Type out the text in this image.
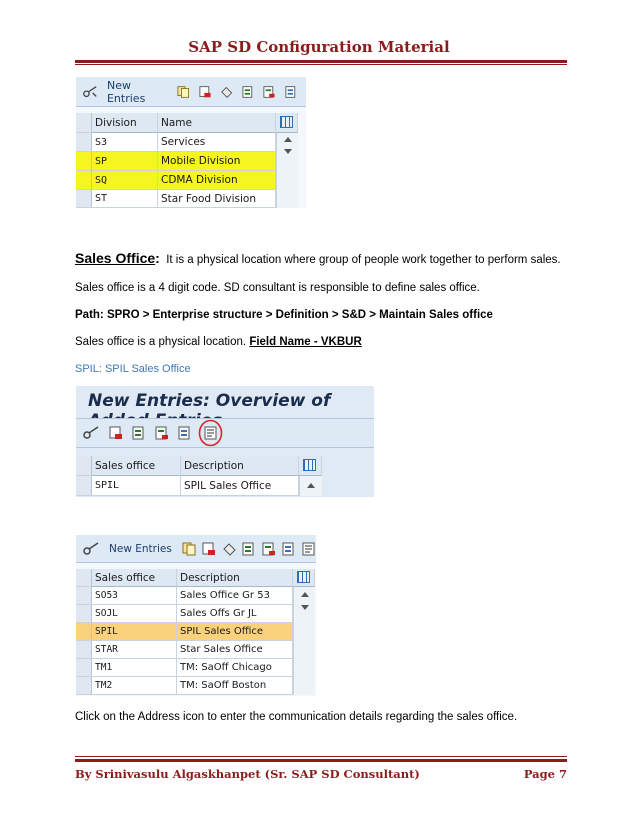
SAP SD Configuration Material
New Entries
Division	Name
S3	Services
SP	Mobile Division
SQ	CDMA Division
ST	Star Food Division
Sales Office: It is a physical location where group of people work together to perform sales.
Sales office is a 4 digit code. SD consultant is responsible to define sales office.
Path: SPRO > Enterprise structure > Definition > S&D > Maintain Sales office
Sales office is a physical location. Field Name - VKBUR
SPIL: SPIL Sales Office
New Entries: Overview of
Sales office	Description
SPIL	SPIL Sales Office
New Entries
Sales office	Description
SO53	Sales Office Gr 53
SOJL	Sales Offs Gr JL
SPIL	SPIL Sales Office
STAR	Star Sales Office
TM1	TM: SaOff Chicago
TM2	TM: SaOff Boston
Click on the Address icon to enter the communication details regarding the sales office.
By Srinivasulu Algaskhanpet (Sr. SAP SD Consultant)	Page 7
